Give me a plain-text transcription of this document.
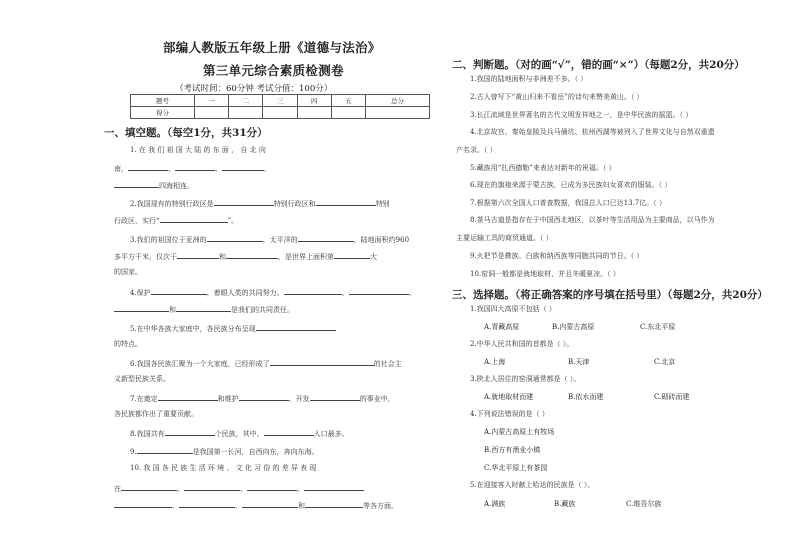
部编人教版五年级上册《道德与法治》
第三单元综合素质检测卷
（考试时间：60分钟 考试分值：100分）
题号	一	二	三	四	五	总分
得分						
一、填空题。（每空1分，共31分）
1. 在 我 们 祖 国 大 陆 的 东 面 ， 自 北 向
南，	、	、	、
四海相连。
2.我国现有的特别行政区是	特别行政区和	特别
行政区，实行“	”。
3.我们的祖国位于亚洲的	，太平洋的	，陆地面积约960
多平方千米，仅次于	和	，是世界上面积第	大
的国家。
4.保护	，着眼人类的共同努力。	、	、
和	是我们的共同责任。
5.在中华各族大家庭中，各民族分布呈现
的特点。
6.我国各民族汇聚为一个大家庭，已经形成了	的社会主
义新型民族关系。
7.在奠定	和维护	、开发	的事业中，
各民族都作出了重要贡献。
8.我国共有	个民族，其中，	人口最多。
9.	是我国第一长河，自西向东，奔向东海。
10. 我 国 各 民 族 生 活 环 境 、 文 化 习 俗 的 差 异 表 现
在	、	、	、
、	、	和	等各方面。
二、判断题。（对的画“√”，错的画“×”）（每题2分，共20分）
1.我国的陆地面积与非洲差不多。（ ）
2.古人曾写下“黄山归来不看岳”的诗句来赞美黄山。（ ）
3.长江流域是世界著名的古代文明发祥地之一，是中华民族的摇篮。（ ）
4.北京故宫、秦始皇陵及兵马俑坑、杭州西湖等被列入了世界文化与自然双重遗
产名录。（ ）
5.藏族用“扎西德勒”来表达对新年的祝福。（ ）
6.现在的旗袍来源于蒙古族，已成为多民族妇女喜欢的服装。（ ）
7.根据第六次全国人口普查数据，我国总人口已达13.7亿。（ ）
8.茶马古道是指存在于中国西北地区，以茶叶等生活用品为主要商品，以马作为
主要运输工具的商贸通道。（ ）
9.火把节是彝族、白族和纳西族等同胞共同的节日。（ ）
10.窑洞一般都是就地取材，并且冬暖夏凉。（ ）
三、选择题。（将正确答案的序号填在括号里）（每题2分，共20分）
1.我国四大高原不包括（ ）
A.青藏高原	B.内蒙古高原	C.东北平原
2.中华人民共和国的首都是（ ）。
A.上海	B.天津	C.北京
3.陕北人居住的窑洞通常都是（ ）。
A.就地取材而建	B.依水而建	C.砌砖而建
4.下列说法错误的是（ ）
A.内蒙古高原上有牧场
B.西方有渔业小镇
C.华北平原上有茶园
5.在迎接客人时献上哈达的民族是（ ）。
A.满族	B.藏族	C.维吾尔族
